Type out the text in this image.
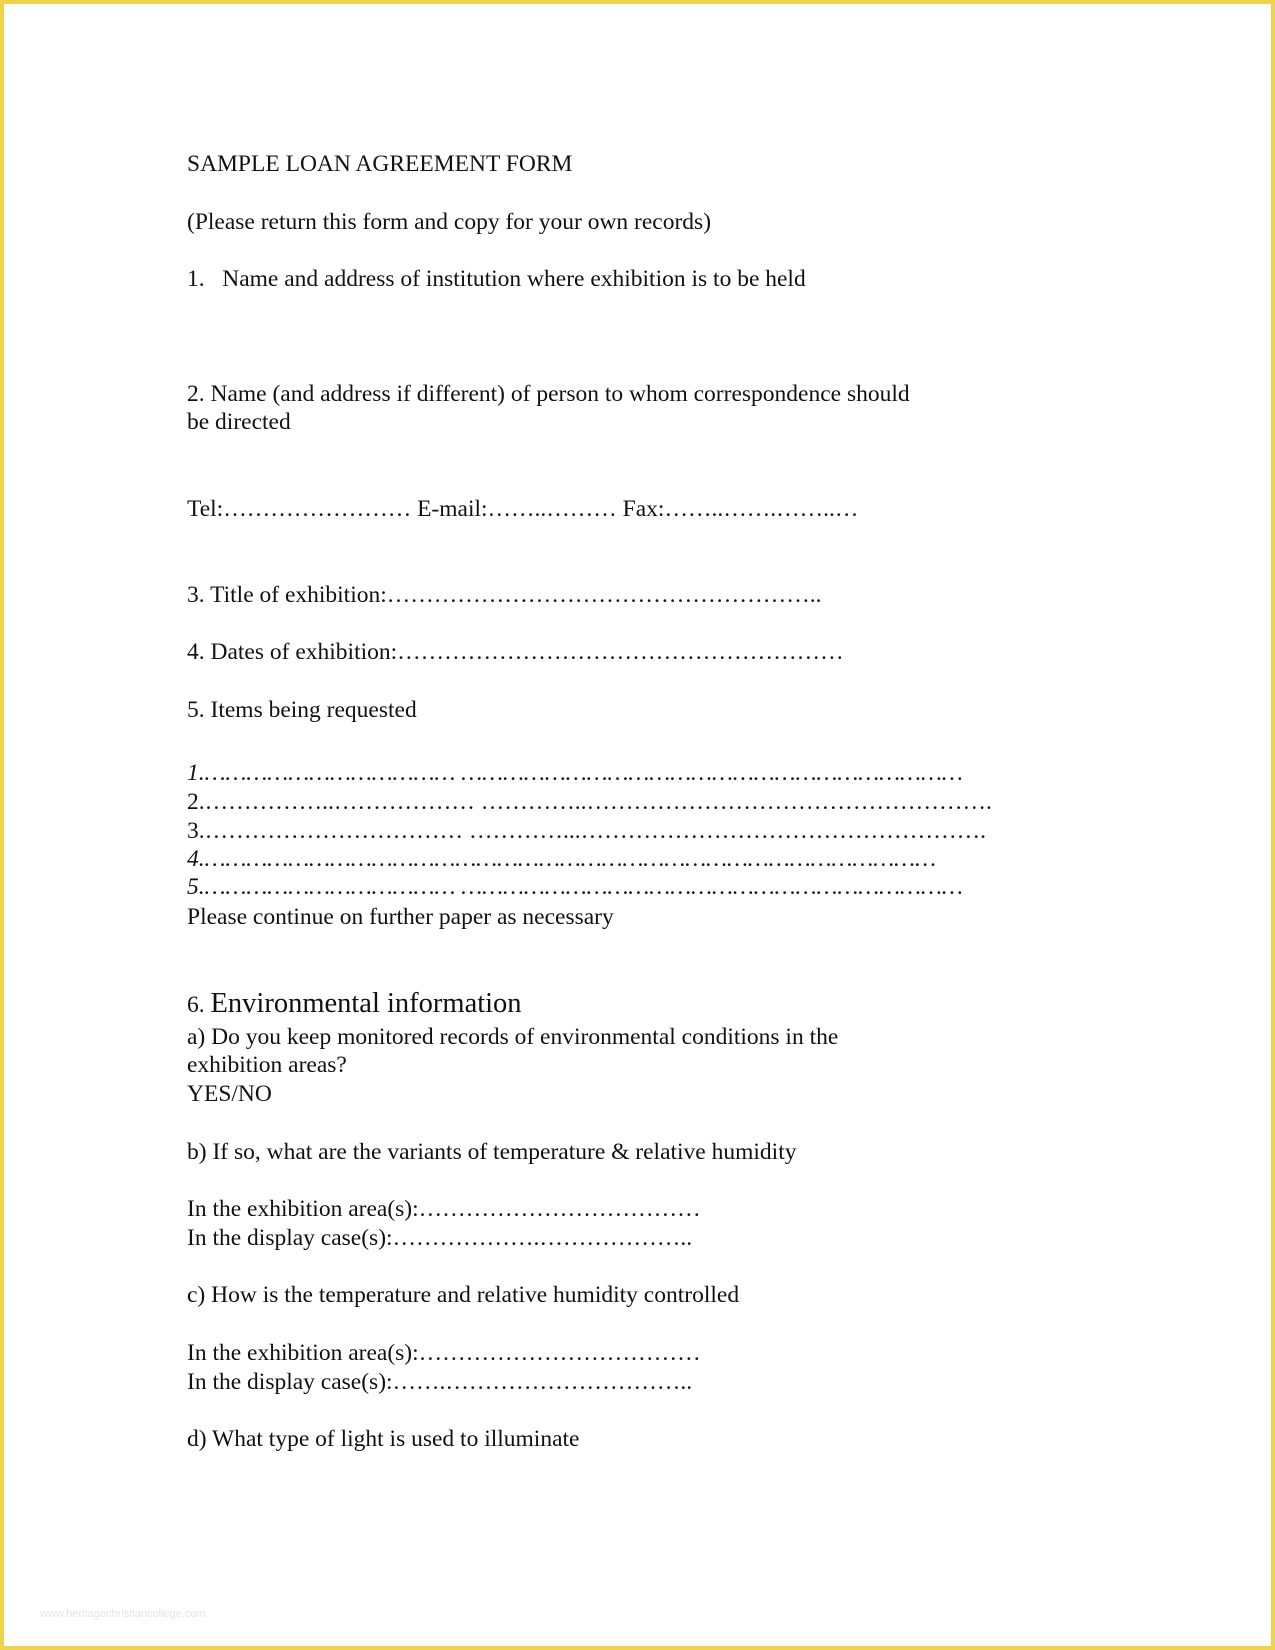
SAMPLE LOAN AGREEMENT FORM
(Please return this form and copy for your own records)
1.   Name and address of institution where exhibition is to be held
2. Name (and address if different) of person to whom correspondence should
be directed
Tel:…………………… E-mail:……..……… Fax:……..…….……..…
3. Title of exhibition:………………………………………………..
4. Dates of exhibition:…………………………………………………
5. Items being requested
1.……………………………… ………………………………………………………………
2.……………..……………… …………..…………………………………………….
3.…………………………… …………...…………………………………………….
4.……………………………………………………………………………………………
5.……………………………… ………………………………………………………………
Please continue on further paper as necessary
6. Environmental information
a) Do you keep monitored records of environmental conditions in the
exhibition areas?
YES/NO
b) If so, what are the variants of temperature & relative humidity
In the exhibition area(s):………………………………
In the display case(s):……………….………………..
c) How is the temperature and relative humidity controlled
In the exhibition area(s):………………………………
In the display case(s):…….…………………………..
d) What type of light is used to illuminate
www.heritagechristiancollege.com
